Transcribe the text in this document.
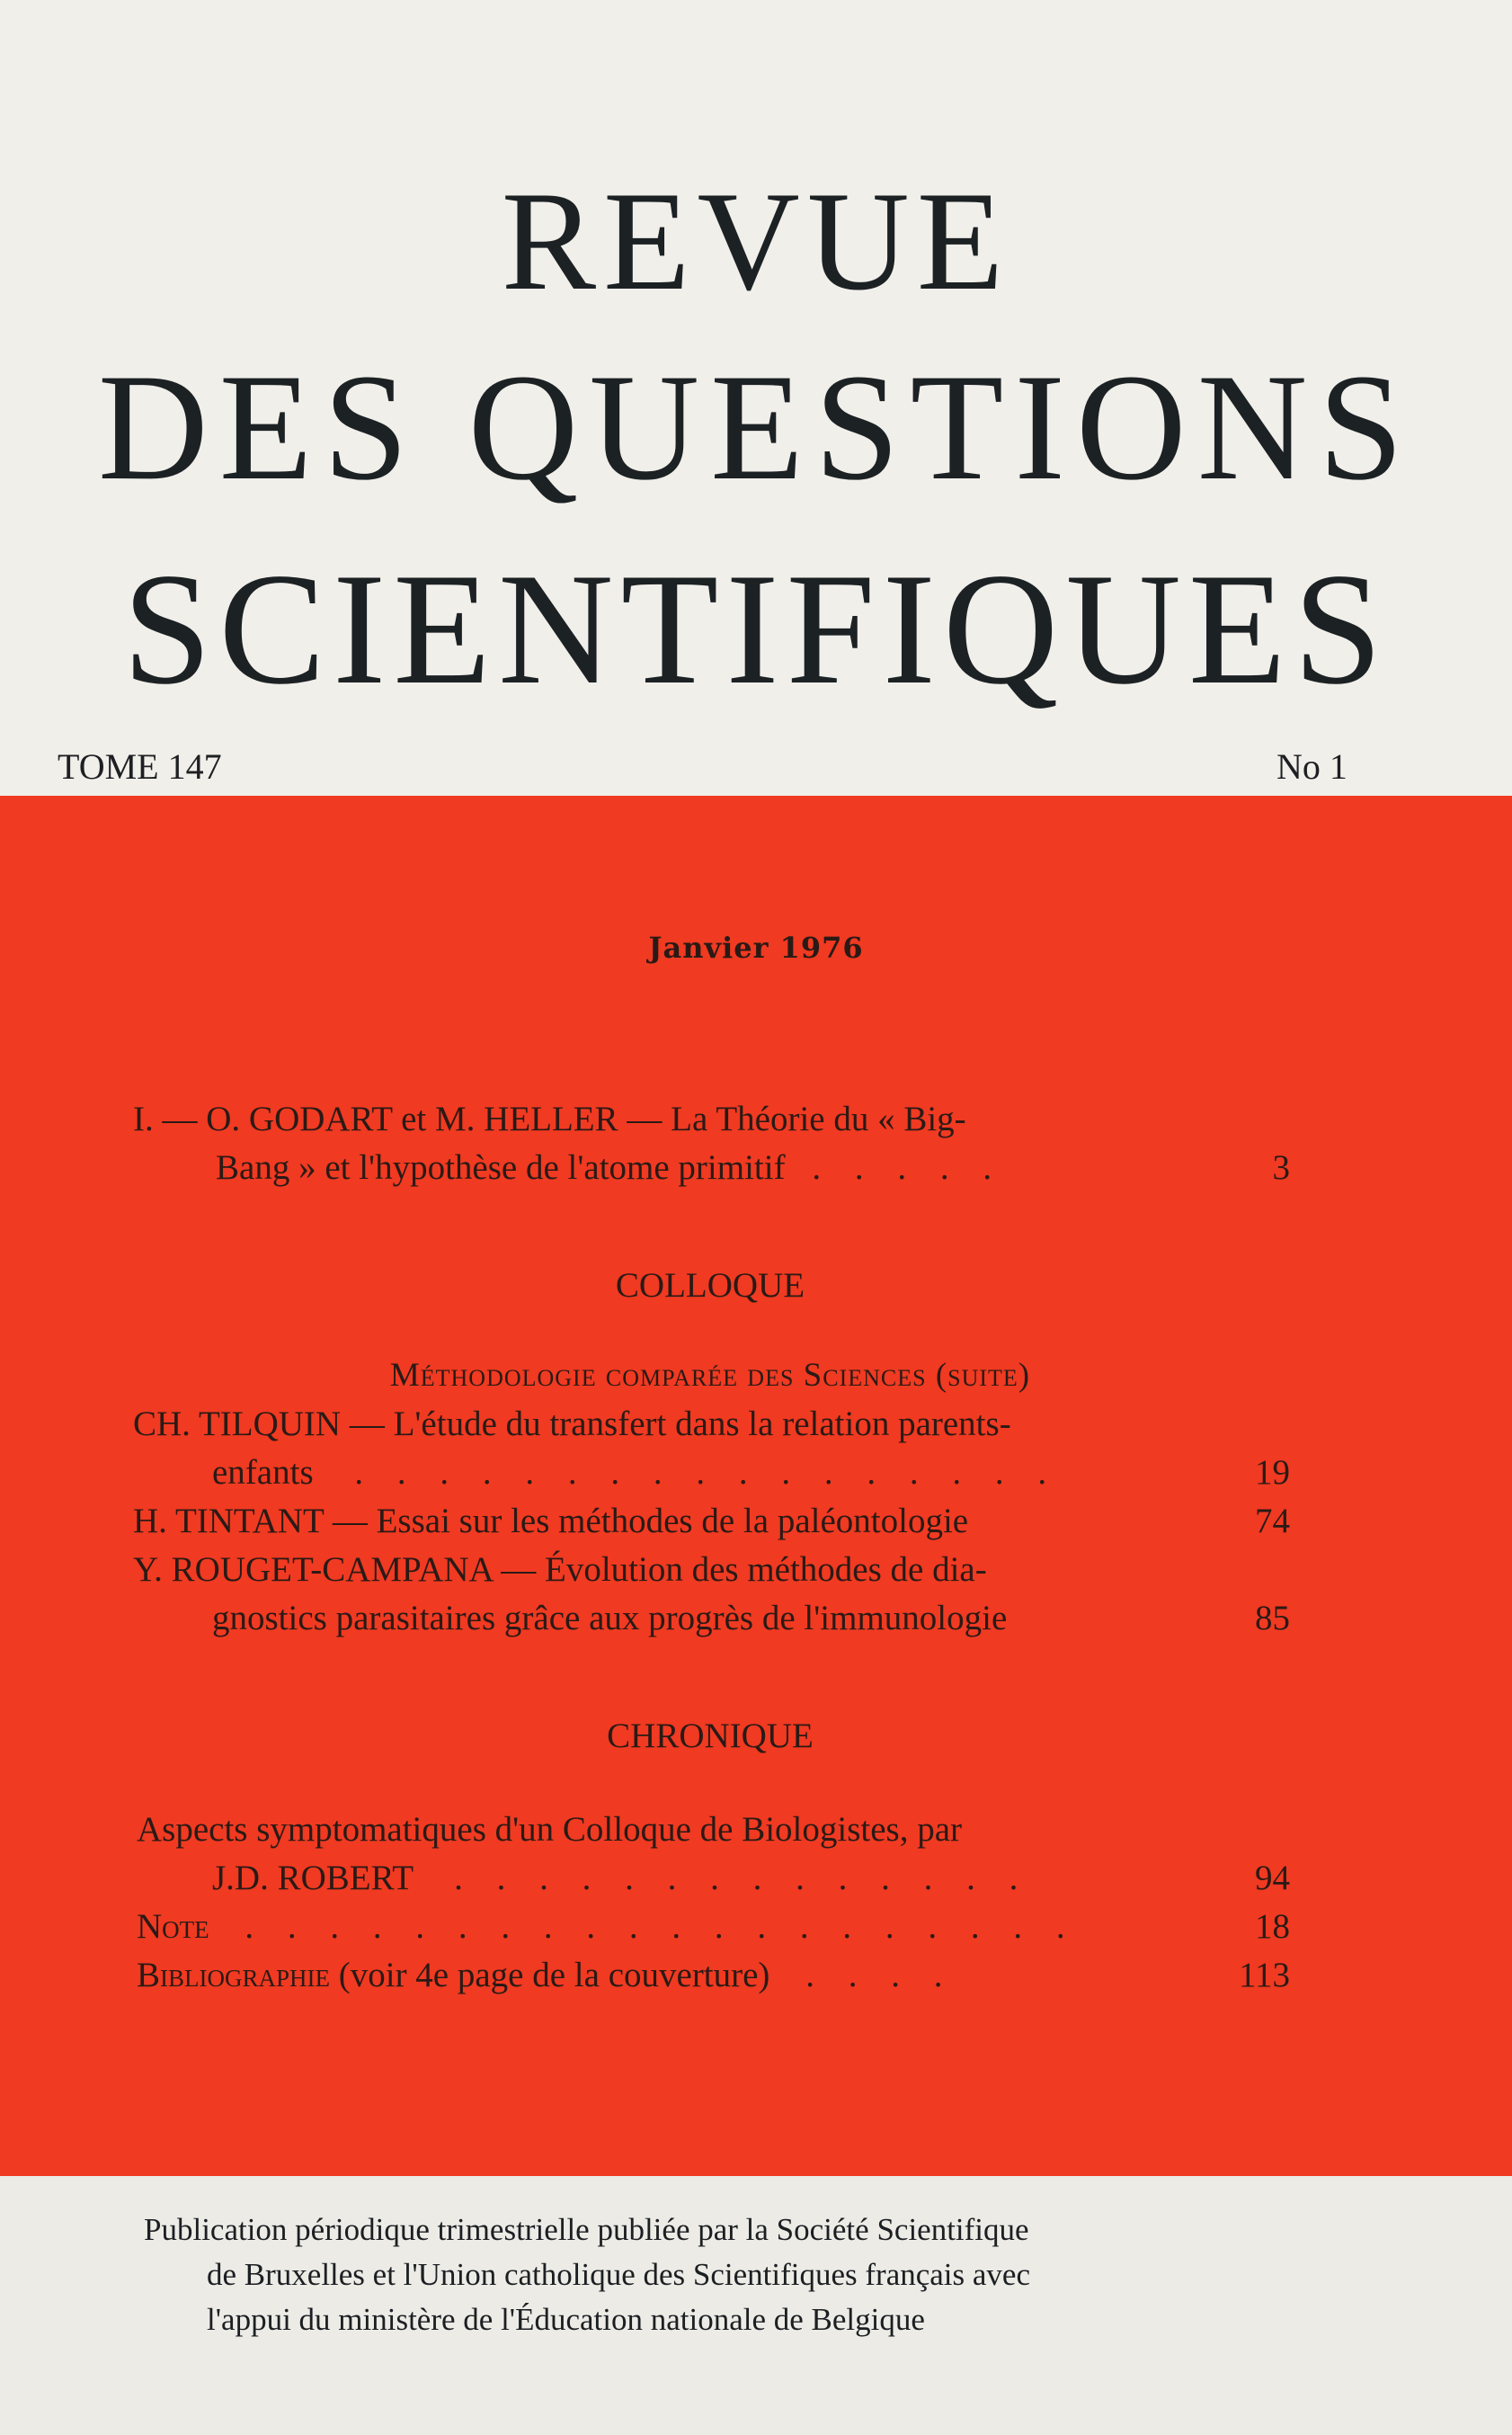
REVUE
DES QUESTIONS
SCIENTIFIQUES
TOME 147	No 1
Janvier 1976
I. — O. GODART et M. HELLER — La Théorie du « Big-
Bang » et l'hypothèse de l'atome primitif . . . . .	3
COLLOQUE
Méthodologie comparée des Sciences (suite)
CH. TILQUIN — L'étude du transfert dans la relation parents-
enfants . . . . . . . . . . . . . . . . .	19
H. TINTANT — Essai sur les méthodes de la paléontologie	74
Y. ROUGET-CAMPANA — Évolution des méthodes de dia-
gnostics parasitaires grâce aux progrès de l'immunologie	85
CHRONIQUE
Aspects symptomatiques d'un Colloque de Biologistes, par
J.D. ROBERT . . . . . . . . . . . . . .	94
Note . . . . . . . . . . . . . . . . . . . .	18
Bibliographie (voir 4e page de la couverture) . . . .	113
Publication périodique trimestrielle publiée par la Société Scientifique
de Bruxelles et l'Union catholique des Scientifiques français avec
l'appui du ministère de l'Éducation nationale de Belgique
